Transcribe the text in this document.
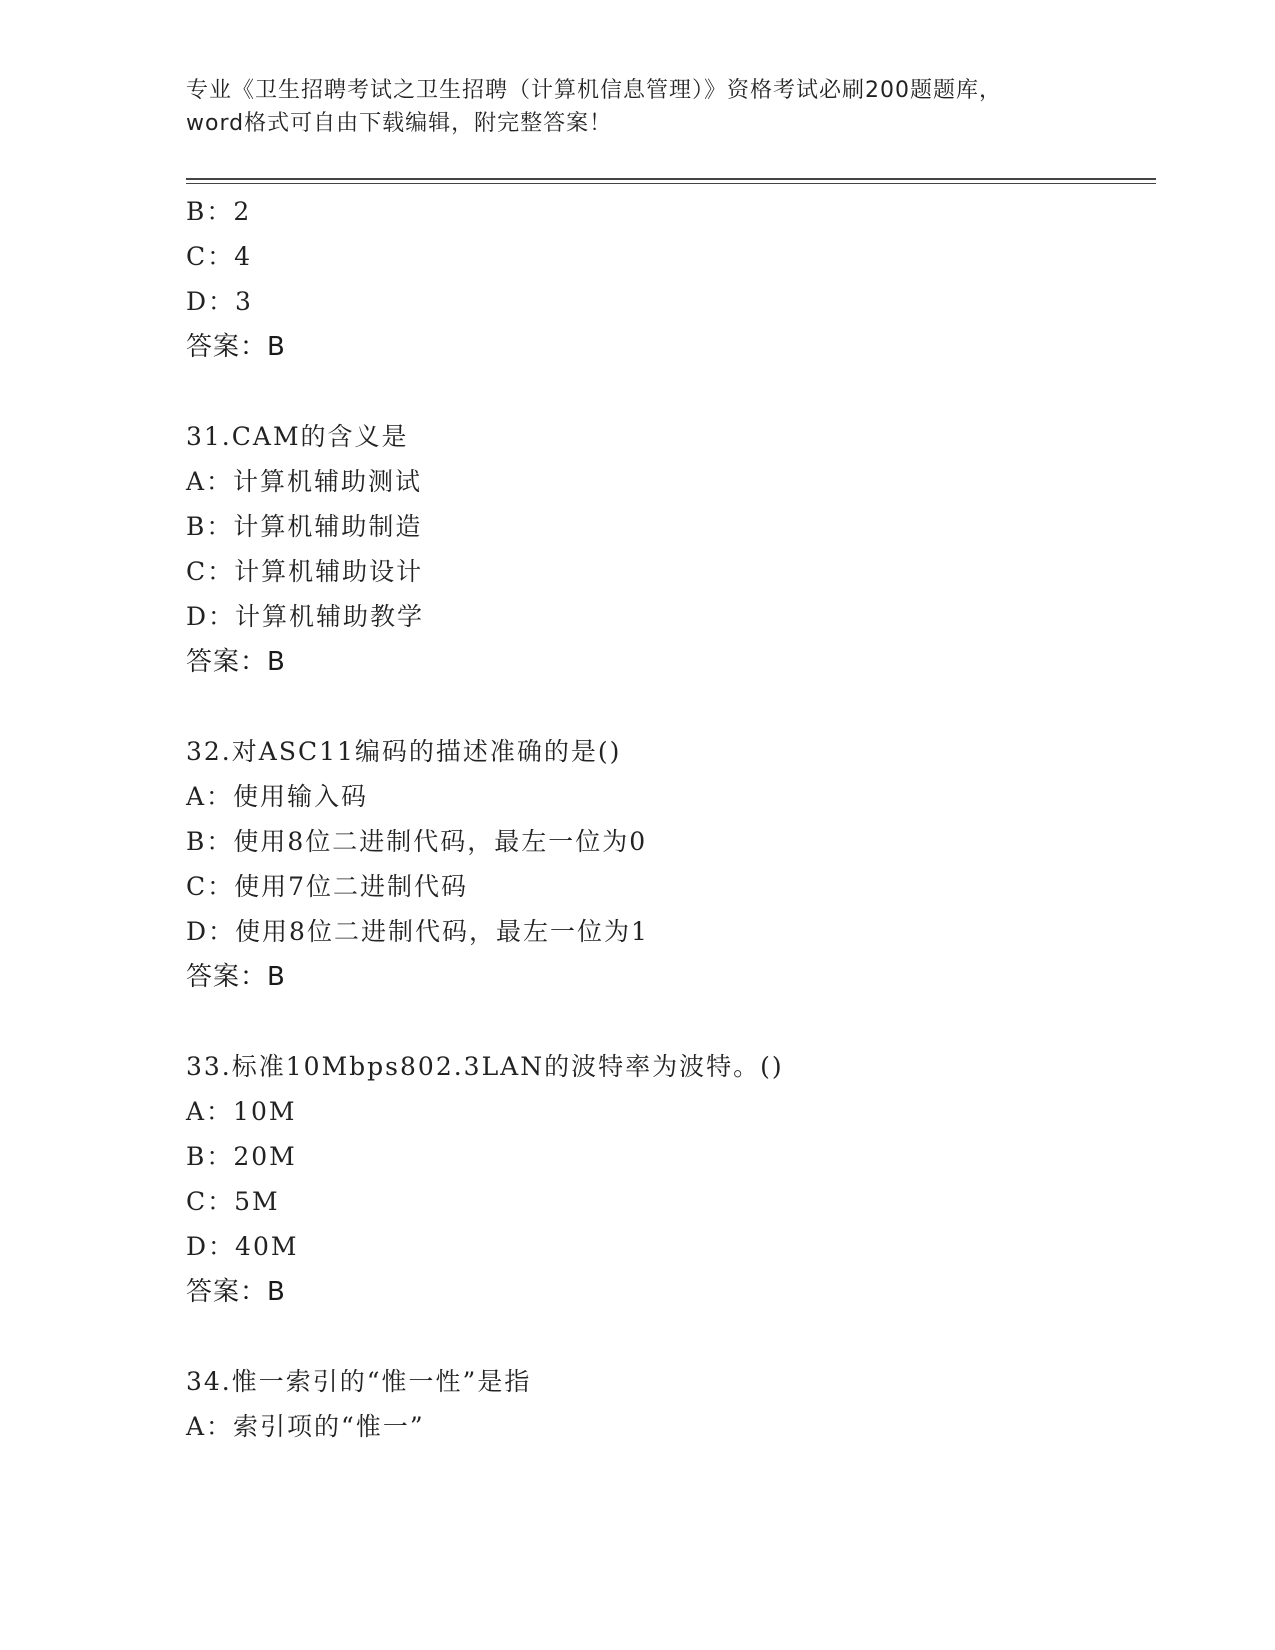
专业《卫生招聘考试之卫生招聘（计算机信息管理）》资格考试必刷200题题库，
word格式可自由下载编辑，附完整答案！
B：2
C：4
D：3
答案：B
31.CAM的含义是
A：计算机辅助测试
B：计算机辅助制造
C：计算机辅助设计
D：计算机辅助教学
答案：B
32.对ASC11编码的描述准确的是()
A：使用输入码
B：使用8位二进制代码，最左一位为0
C：使用7位二进制代码
D：使用8位二进制代码，最左一位为1
答案：B
33.标准10Mbps802.3LAN的波特率为波特。()
A：10M
B：20M
C：5M
D：40M
答案：B
34.惟一索引的“惟一性”是指
A：索引项的“惟一”
